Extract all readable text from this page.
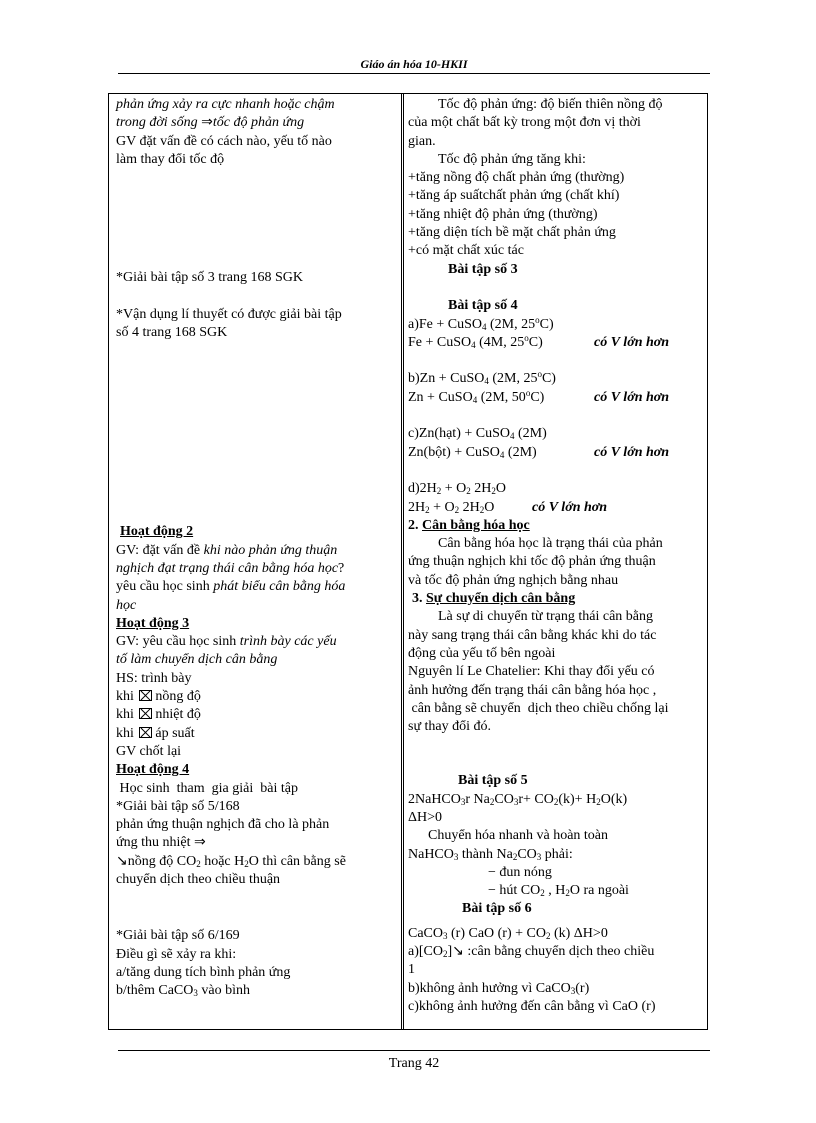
Giáo án hóa 10-HKII
phản ứng xảy ra cực nhanh hoặc chậm
trong đời sống ⇒tốc độ phản ứng
GV đặt vấn đề có cách nào, yếu tố nào
làm thay đổi tốc độ
*Giải bài tập số 3 trang 168 SGK
*Vận dụng lí thuyết có được giải bài tập
số 4 trang 168 SGK
Hoạt động 2
GV: đặt vấn đề khi nào phản ứng thuận
nghịch đạt trạng thái cân bằng hóa học?
yêu cầu học sinh phát biểu cân bằng hóa
học
Hoạt động 3
GV: yêu cầu học sinh trình bày các yếu
tố làm chuyển dịch cân bằng
HS: trình bày
khi ☒ nồng độ
khi ☒ nhiệt độ
khi ☒ áp suất
GV chốt lại
Hoạt động 4
Học sinh  tham  gia giải  bài tập
*Giải bài tập số 5/168
phản ứng thuận nghịch đã cho là phản
ứng thu nhiệt ⇒
↘nồng độ $CO_2$ hoặc $H_2O$ thì cân bằng sẽ
chuyển dịch theo chiều thuận
*Giải bài tập số 6/169
Điều gì sẽ xảy ra khi:
a/tăng dung tích bình phản ứng
b/thêm CaCO$_3$ vào bình
Tốc độ phản ứng: độ biến thiên nồng độ
của một chất bất kỳ trong một đơn vị thời
gian.
Tốc độ phản ứng tăng khi:
+tăng nồng độ chất phản ứng (thường)
+tăng áp suấtchất phản ứng (chất khí)
+tăng nhiệt độ phản ứng (thường)
+tăng diện tích bề mặt chất phản ứng
+có mặt chất xúc tác
Bài tập số 3
Bài tập số 4
a)Fe + CuSO$_4$ (2M, 25$^o$C)
Fe + CuSO$_4$ (4M, 25$^o$C)	có V lớn hơn
b)Zn + CuSO$_4$ (2M, 25$^o$C)
Zn + CuSO$_4$ (2M, 50$^o$C)	có V lớn hơn
c)Zn(hạt) + CuSO$_4$ (2M)
Zn(bột) + CuSO$_4$ (2M)	có V lớn hơn
$d)2H_2 + O_2$ $2H_2O$
$2H_2 + O_2$ $2H_2O$	có V lớn hơn
2. Cân bằng hóa học
Cân bằng hóa học là trạng thái của phản
ứng thuận nghịch khi tốc độ phản ứng thuận
và tốc độ phản ứng nghịch bằng nhau
3. Sự chuyển dịch cân bằng
Là sự di chuyển từ trạng thái cân bằng
này sang trạng thái cân bằng khác khi do tác
động của yếu tố bên ngoài
Nguyên lí Le Chatelier: Khi thay đổi yếu có
ảnh hưởng đến trạng thái cân bằng hóa học ,
cân bằng sẽ chuyển  dịch theo chiều chống lại
sự thay đổi đó.
Bài tập số 5
2NaHCO$_3$r $Na_2CO_3r+ CO_2(k)+ H_2O(k)$
ΔH>0
Chuyển hóa nhanh và hoàn toàn
NaHCO$_3$ thành $Na_2CO_3$ phải:
− đun nóng
− hút $CO_2$ , $H_2O$ ra ngoài
Bài tập số 6
CaCO$_3$ (r) CaO $(r) + CO_2$ (k) ΔH>0
$a)[CO_2]↘$ :cân bằng chuyển dịch theo chiều
1
b)không ảnh hưởng vì CaCO$_3$(r)
c)không ảnh hưởng đến cân bằng vì CaO (r)
Trang 42
